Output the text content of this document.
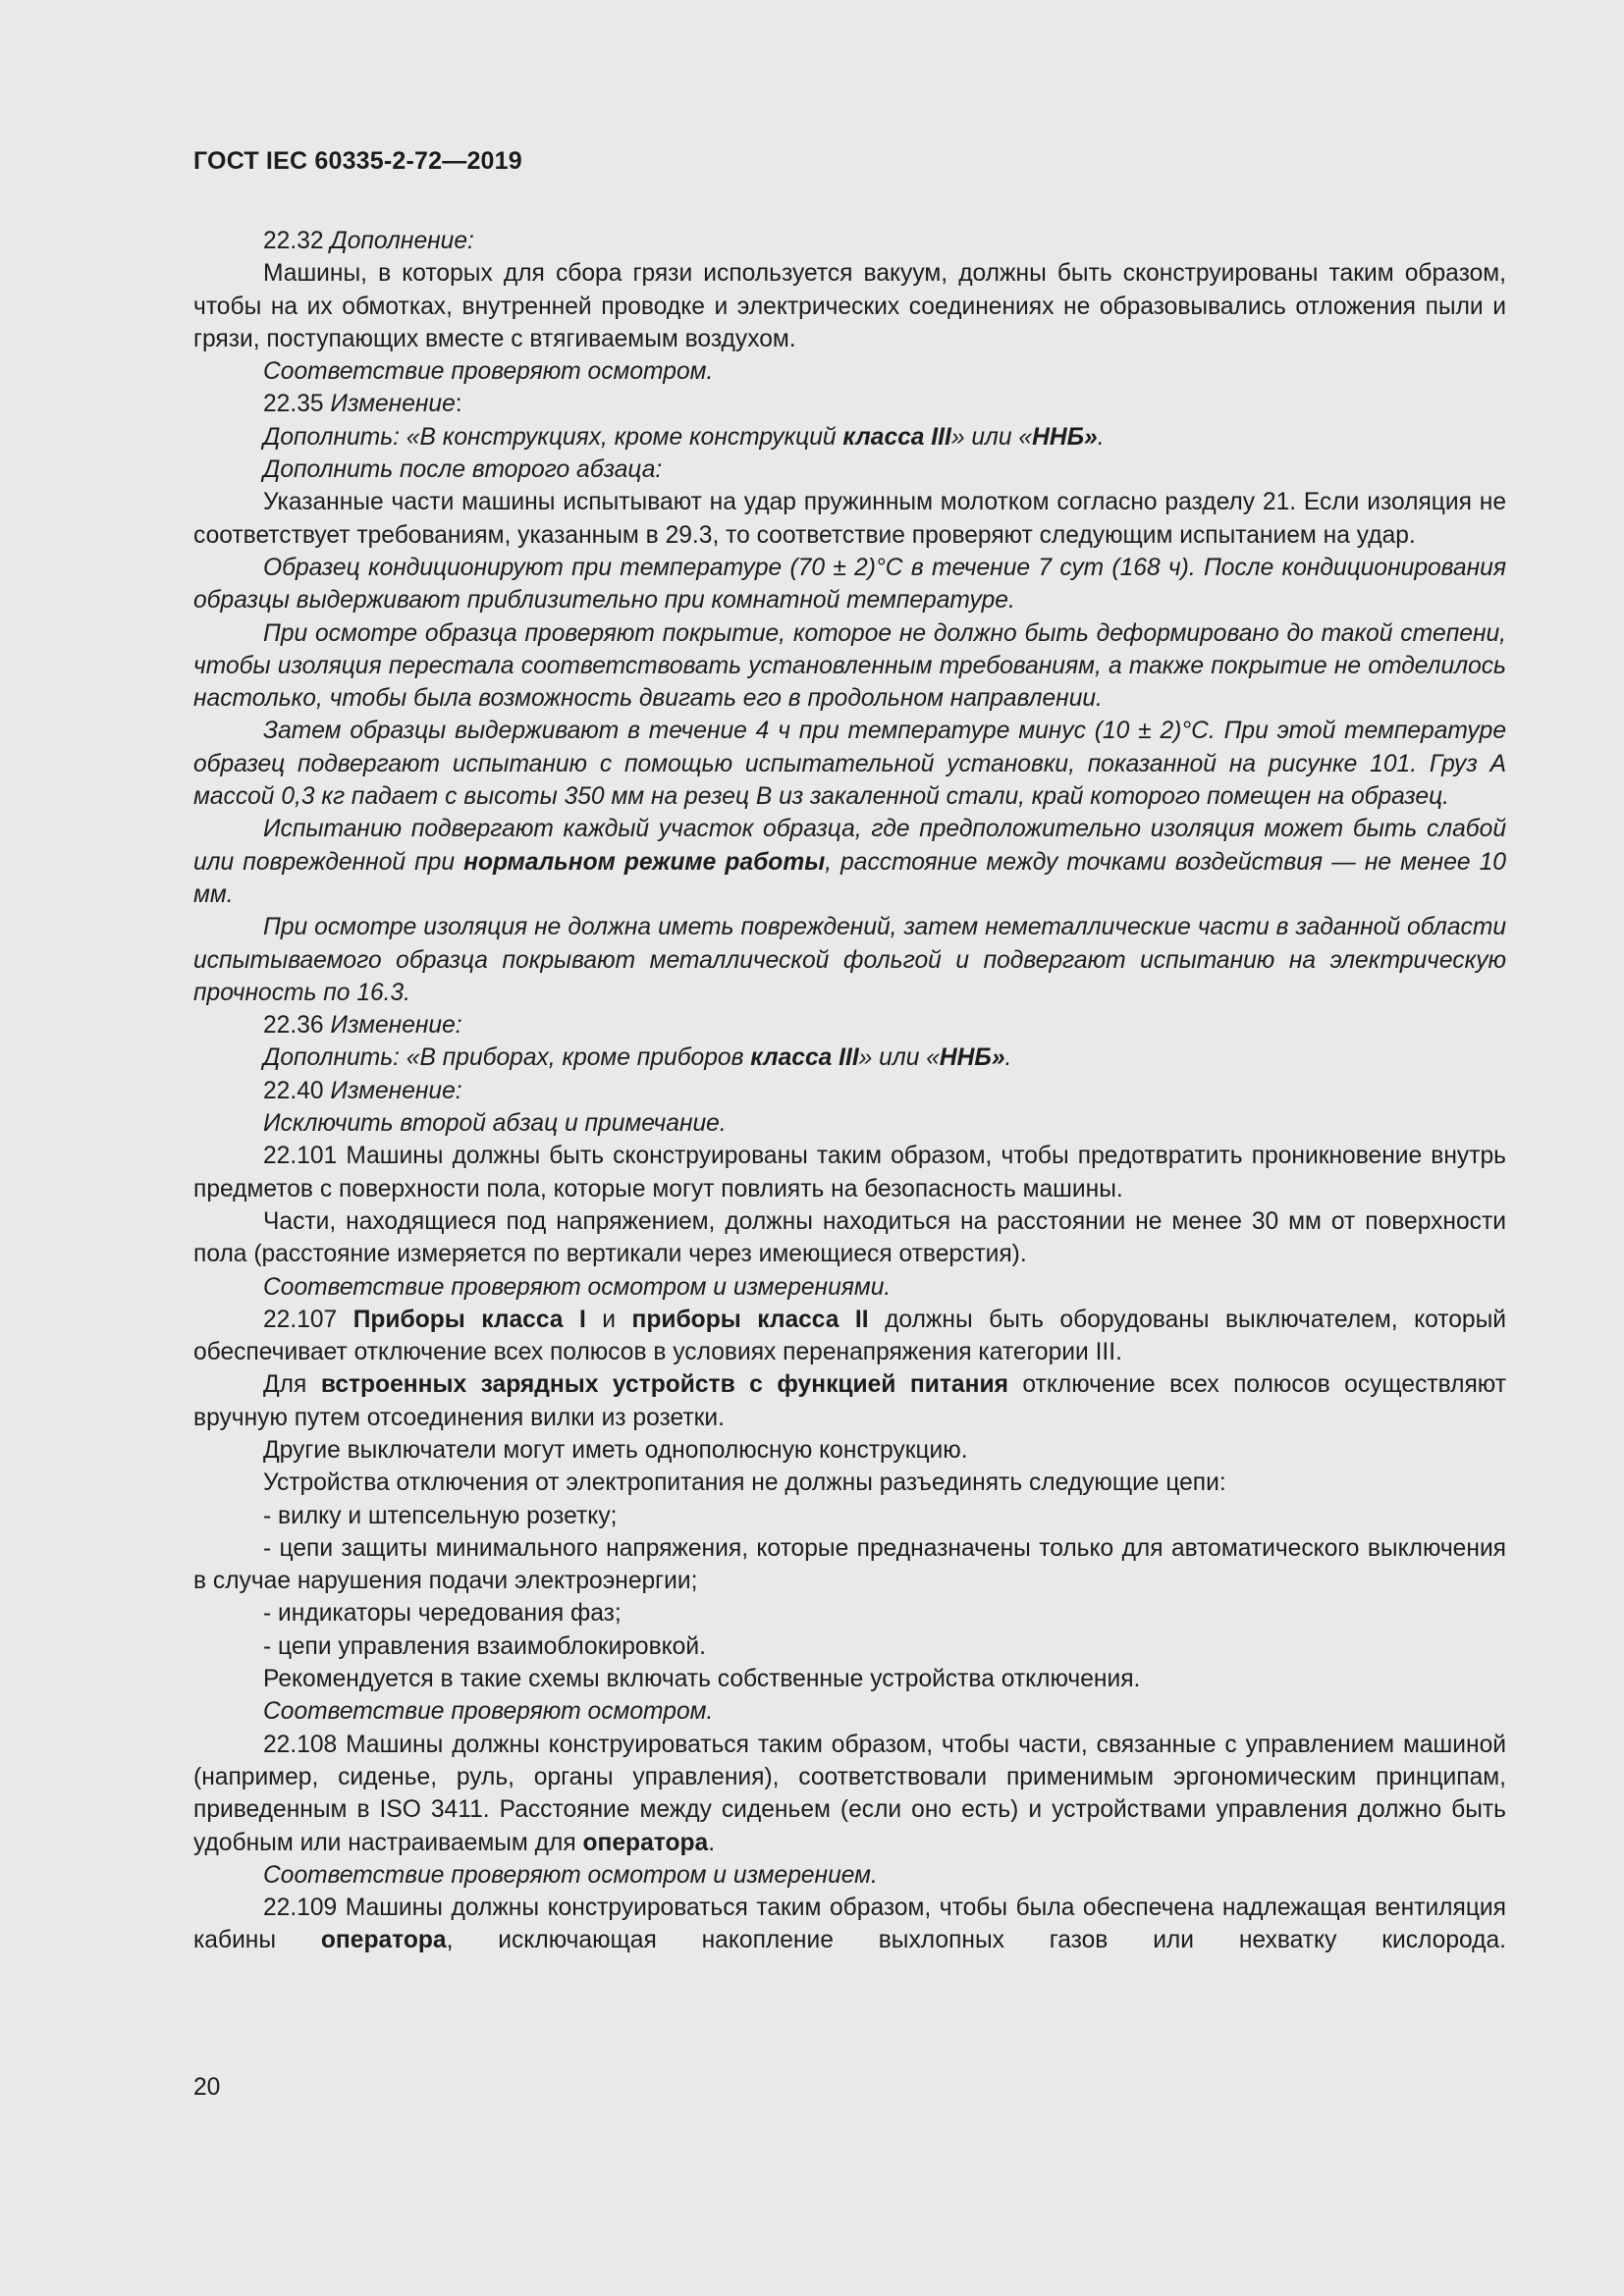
ГОСТ IEC 60335-2-72—2019

22.32 Дополнение:

Машины, в которых для сбора грязи используется вакуум, должны быть сконструированы таким образом, чтобы на их обмотках, внутренней проводке и электрических соединениях не образовывались отложения пыли и грязи, поступающих вместе с втягиваемым воздухом.

Соответствие проверяют осмотром.

22.35 Изменение:

Дополнить: «В конструкциях, кроме конструкций класса III» или «ННБ».

Дополнить после второго абзаца:

Указанные части машины испытывают на удар пружинным молотком согласно разделу 21. Если изоляция не соответствует требованиям, указанным в 29.3, то соответствие проверяют следующим испытанием на удар.

Образец кондиционируют при температуре (70 ± 2)°С в течение 7 сут (168 ч). После кондиционирования образцы выдерживают приблизительно при комнатной температуре.

При осмотре образца проверяют покрытие, которое не должно быть деформировано до такой степени, чтобы изоляция перестала соответствовать установленным требованиям, а также покрытие не отделилось настолько, чтобы была возможность двигать его в продольном направлении.

Затем образцы выдерживают в течение 4 ч при температуре минус (10 ± 2)°С. При этой температуре образец подвергают испытанию с помощью испытательной установки, показанной на рисунке 101. Груз А массой 0,3 кг падает с высоты 350 мм на резец В из закаленной стали, край которого помещен на образец.

Испытанию подвергают каждый участок образца, где предположительно изоляция может быть слабой или поврежденной при нормальном режиме работы, расстояние между точками воздействия — не менее 10 мм.

При осмотре изоляция не должна иметь повреждений, затем неметаллические части в заданной области испытываемого образца покрывают металлической фольгой и подвергают испытанию на электрическую прочность по 16.3.

22.36 Изменение:

Дополнить: «В приборах, кроме приборов класса III» или «ННБ».

22.40 Изменение:

Исключить второй абзац и примечание.

22.101 Машины должны быть сконструированы таким образом, чтобы предотвратить проникновение внутрь предметов с поверхности пола, которые могут повлиять на безопасность машины.

Части, находящиеся под напряжением, должны находиться на расстоянии не менее 30 мм от поверхности пола (расстояние измеряется по вертикали через имеющиеся отверстия).

Соответствие проверяют осмотром и измерениями.

22.107 Приборы класса I и приборы класса II должны быть оборудованы выключателем, который обеспечивает отключение всех полюсов в условиях перенапряжения категории III.

Для встроенных зарядных устройств с функцией питания отключение всех полюсов осуществляют вручную путем отсоединения вилки из розетки.

Другие выключатели могут иметь однополюсную конструкцию.

Устройства отключения от электропитания не должны разъединять следующие цепи:

- вилку и штепсельную розетку;

- цепи защиты минимального напряжения, которые предназначены только для автоматического выключения в случае нарушения подачи электроэнергии;

- индикаторы чередования фаз;

- цепи управления взаимоблокировкой.

Рекомендуется в такие схемы включать собственные устройства отключения.

Соответствие проверяют осмотром.

22.108 Машины должны конструироваться таким образом, чтобы части, связанные с управлением машиной (например, сиденье, руль, органы управления), соответствовали применимым эргономическим принципам, приведенным в ISO 3411. Расстояние между сиденьем (если оно есть) и устройствами управления должно быть удобным или настраиваемым для оператора.

Соответствие проверяют осмотром и измерением.

22.109 Машины должны конструироваться таким образом, чтобы была обеспечена надлежащая вентиляция кабины оператора, исключающая накопление выхлопных газов или нехватку кислорода.

20
